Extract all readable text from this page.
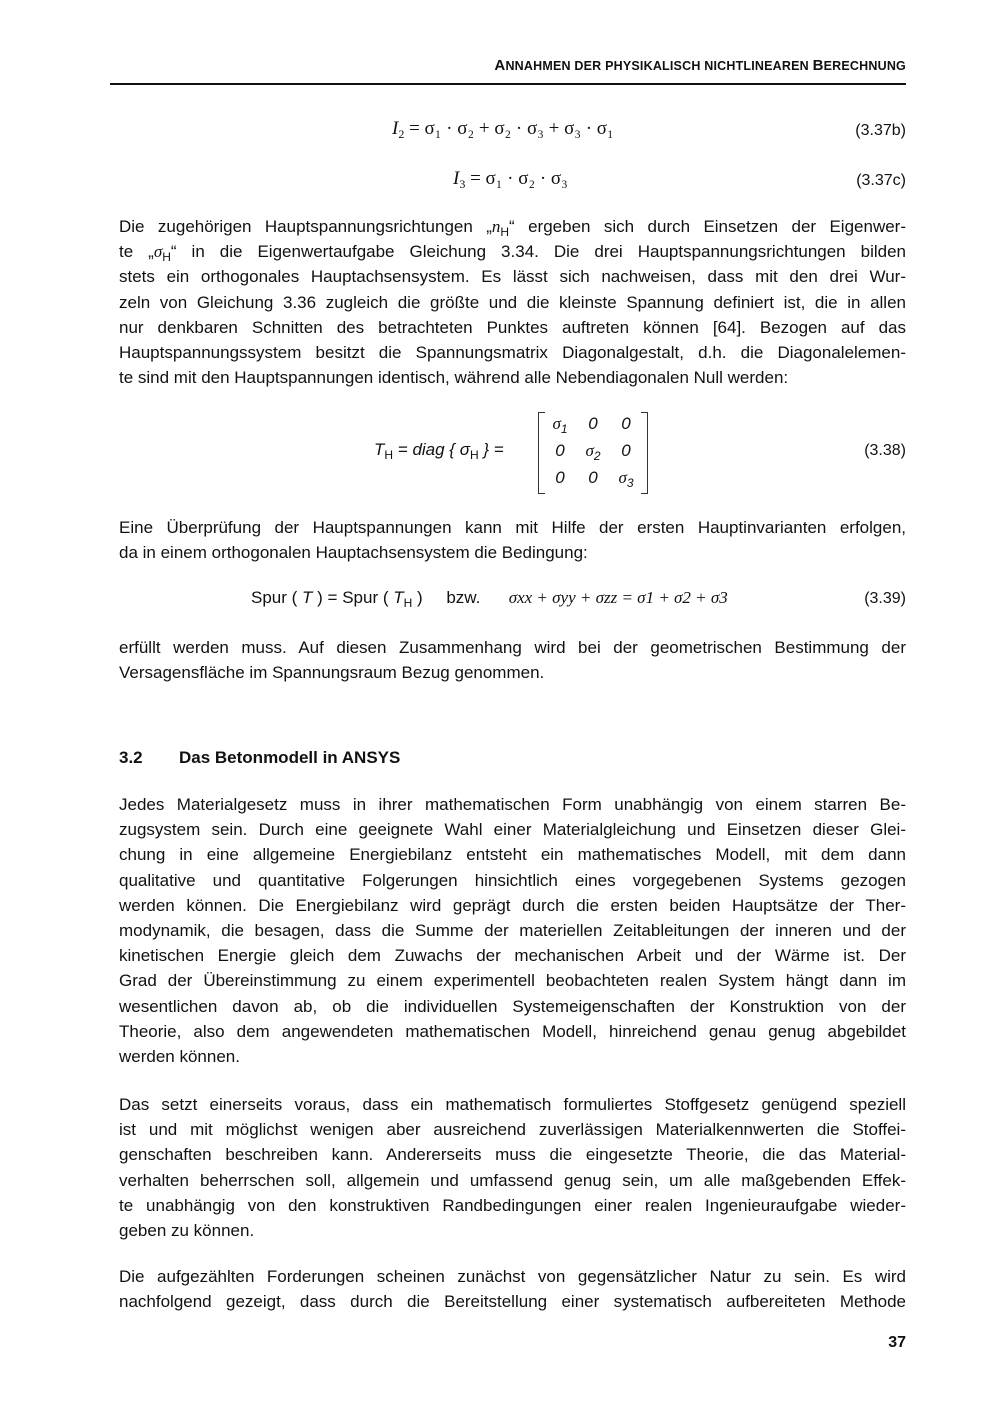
ANNAHMEN DER PHYSIKALISCH NICHTLINEAREN BERECHNUNG
$I_2 = \sigma_1 \cdot \sigma_2 + \sigma_2 \cdot \sigma_3 + \sigma_3 \cdot \sigma_1$	(3.37b)
$I_3 = \sigma_1 \cdot \sigma_2 \cdot \sigma_3$	(3.37c)
Die zugehörigen Hauptspannungsrichtungen $„n_H“$ ergeben sich durch Einsetzen der Eigenwer-
te $„\sigma_H“$ in die Eigenwertaufgabe Gleichung 3.34. Die drei Hauptspannungsrichtungen bilden
stets ein orthogonales Hauptachsensystem. Es lässt sich nachweisen, dass mit den drei Wur-
zeln von Gleichung 3.36 zugleich die größte und die kleinste Spannung definiert ist, die in allen
nur denkbaren Schnitten des betrachteten Punktes auftreten können [64]. Bezogen auf das
Hauptspannungssystem besitzt die Spannungsmatrix Diagonalgestalt, d.h. die Diagonalelemen-
te sind mit den Hauptspannungen identisch, während alle Nebendiagonalen Null werden:
$T_H$ = diag { $\sigma_H$ } =
$\sigma_1$	0	0
0	$\sigma_2$	0
0	0	$\sigma_3$
(3.38)
Eine Überprüfung der Hauptspannungen kann mit Hilfe der ersten Hauptinvarianten erfolgen,
da in einem orthogonalen Hauptachsensystem die Bedingung:
Spur ( T ) = Spur ( $T_H$ ) bzw. σxx + σyy + σzz = σ1 + σ2 + σ3	(3.39)
erfüllt werden muss. Auf diesen Zusammenhang wird bei der geometrischen Bestimmung der
Versagensfläche im Spannungsraum Bezug genommen.
3.2 Das Betonmodell in ANSYS
Jedes Materialgesetz muss in ihrer mathematischen Form unabhängig von einem starren Be-
zugsystem sein. Durch eine geeignete Wahl einer Materialgleichung und Einsetzen dieser Glei-
chung in eine allgemeine Energiebilanz entsteht ein mathematisches Modell, mit dem dann
qualitative und quantitative Folgerungen hinsichtlich eines vorgegebenen Systems gezogen
werden können. Die Energiebilanz wird geprägt durch die ersten beiden Hauptsätze der Ther-
modynamik, die besagen, dass die Summe der materiellen Zeitableitungen der inneren und der
kinetischen Energie gleich dem Zuwachs der mechanischen Arbeit und der Wärme ist. Der
Grad der Übereinstimmung zu einem experimentell beobachteten realen System hängt dann im
wesentlichen davon ab, ob die individuellen Systemeigenschaften der Konstruktion von der
Theorie, also dem angewendeten mathematischen Modell, hinreichend genau genug abgebildet
werden können.
Das setzt einerseits voraus, dass ein mathematisch formuliertes Stoffgesetz genügend speziell
ist und mit möglichst wenigen aber ausreichend zuverlässigen Materialkennwerten die Stoffei-
genschaften beschreiben kann. Andererseits muss die eingesetzte Theorie, die das Material-
verhalten beherrschen soll, allgemein und umfassend genug sein, um alle maßgebenden Effek-
te unabhängig von den konstruktiven Randbedingungen einer realen Ingenieuraufgabe wieder-
geben zu können.
Die aufgezählten Forderungen scheinen zunächst von gegensätzlicher Natur zu sein. Es wird
nachfolgend gezeigt, dass durch die Bereitstellung einer systematisch aufbereiteten Methode
37
